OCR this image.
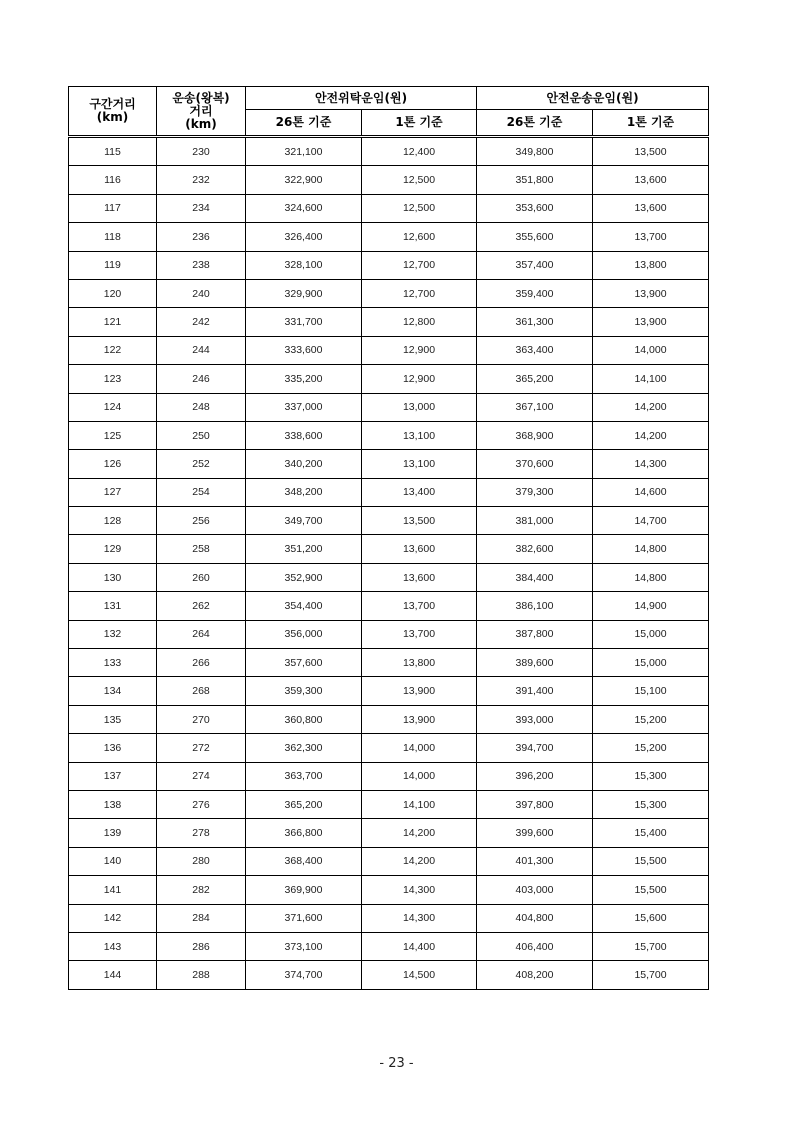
구간거리
(km)	운송(왕복)
거리
(km)	안전위탁운임(원)		안전운송운임(원)	
		26톤 기준	1톤 기준	26톤 기준	1톤 기준
115	230	321,100	12,400	349,800	13,500
116	232	322,900	12,500	351,800	13,600
117	234	324,600	12,500	353,600	13,600
118	236	326,400	12,600	355,600	13,700
119	238	328,100	12,700	357,400	13,800
120	240	329,900	12,700	359,400	13,900
121	242	331,700	12,800	361,300	13,900
122	244	333,600	12,900	363,400	14,000
123	246	335,200	12,900	365,200	14,100
124	248	337,000	13,000	367,100	14,200
125	250	338,600	13,100	368,900	14,200
126	252	340,200	13,100	370,600	14,300
127	254	348,200	13,400	379,300	14,600
128	256	349,700	13,500	381,000	14,700
129	258	351,200	13,600	382,600	14,800
130	260	352,900	13,600	384,400	14,800
131	262	354,400	13,700	386,100	14,900
132	264	356,000	13,700	387,800	15,000
133	266	357,600	13,800	389,600	15,000
134	268	359,300	13,900	391,400	15,100
135	270	360,800	13,900	393,000	15,200
136	272	362,300	14,000	394,700	15,200
137	274	363,700	14,000	396,200	15,300
138	276	365,200	14,100	397,800	15,300
139	278	366,800	14,200	399,600	15,400
140	280	368,400	14,200	401,300	15,500
141	282	369,900	14,300	403,000	15,500
142	284	371,600	14,300	404,800	15,600
143	286	373,100	14,400	406,400	15,700
144	288	374,700	14,500	408,200	15,700
- 23 -
